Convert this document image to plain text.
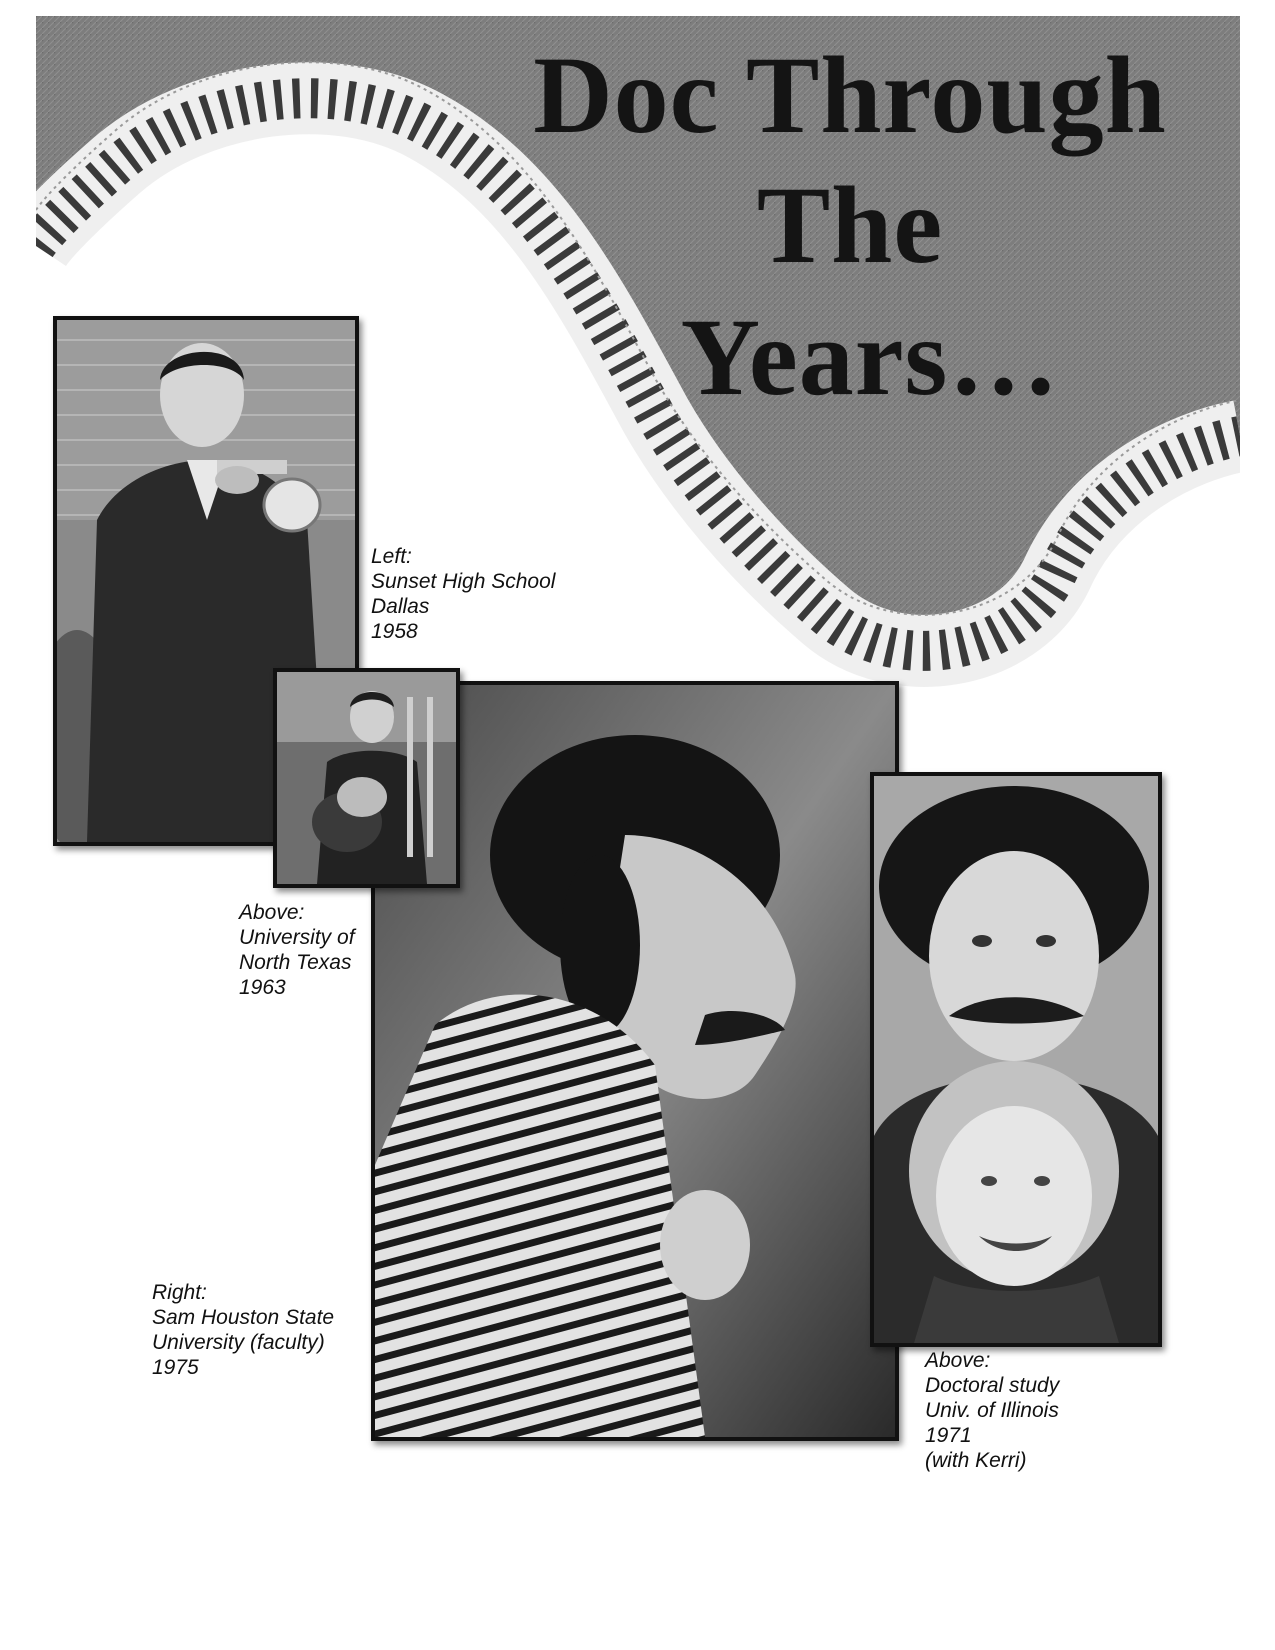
Doc Through
The
Years…
Left:
Sunset High School
Dallas
1958
Above:
University of
North Texas
1963
Right:
Sam Houston State
University (faculty)
1975	Above:
Doctoral study
Univ. of Illinois
1971
(with Kerri)
